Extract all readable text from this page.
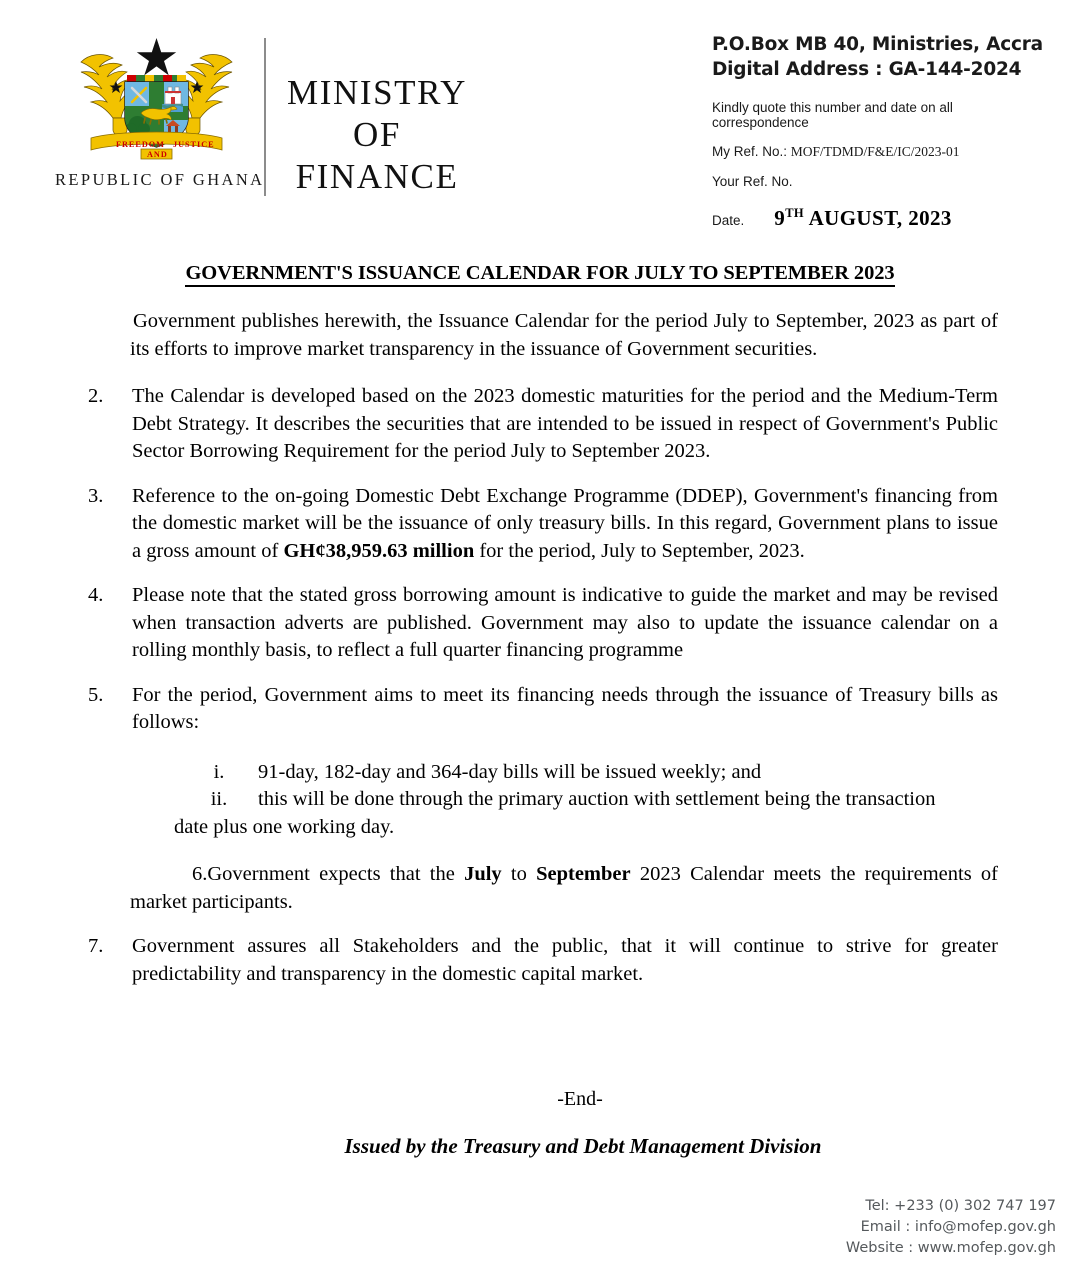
FREEDOM JUSTICE
AND
REPUBLIC OF GHANA
MINISTRY
OF
FINANCE
P.O.Box MB 40, Ministries, Accra
Digital Address : GA-144-2024
Kindly quote this number and date on all correspondence
My Ref. No.: MOF/TDMD/F&E/IC/2023-01
Your Ref. No.
Date. 9TH AUGUST, 2023
GOVERNMENT'S ISSUANCE CALENDAR FOR JULY TO SEPTEMBER 2023
Government publishes herewith, the Issuance Calendar for the period July to September, 2023 as part of its efforts to improve market transparency in the issuance of Government securities.
2.	The Calendar is developed based on the 2023 domestic maturities for the period and the Medium-Term Debt Strategy. It describes the securities that are intended to be issued in respect of Government's Public Sector Borrowing Requirement for the period July to September 2023.
3.	Reference to the on-going Domestic Debt Exchange Programme (DDEP), Government's financing from the domestic market will be the issuance of only treasury bills. In this regard, Government plans to issue a gross amount of GH¢38,959.63 million for the period, July to September, 2023.
4.	Please note that the stated gross borrowing amount is indicative to guide the market and may be revised when transaction adverts are published. Government may also to update the issuance calendar on a rolling monthly basis, to reflect a full quarter financing programme
5.	For the period, Government aims to meet its financing needs through the issuance of Treasury bills as follows:
i.	91-day, 182-day and 364-day bills will be issued weekly; and
ii.	this will be done through the primary auction with settlement being the transaction
date plus one working day.
6.Government expects that the July to September 2023 Calendar meets the requirements of market participants.
7.	Government assures all Stakeholders and the public, that it will continue to strive for greater predictability and transparency in the domestic capital market.
-End-
Issued by the Treasury and Debt Management Division
Tel: +233 (0) 302 747 197
Email : info@mofep.gov.gh
Website : www.mofep.gov.gh
